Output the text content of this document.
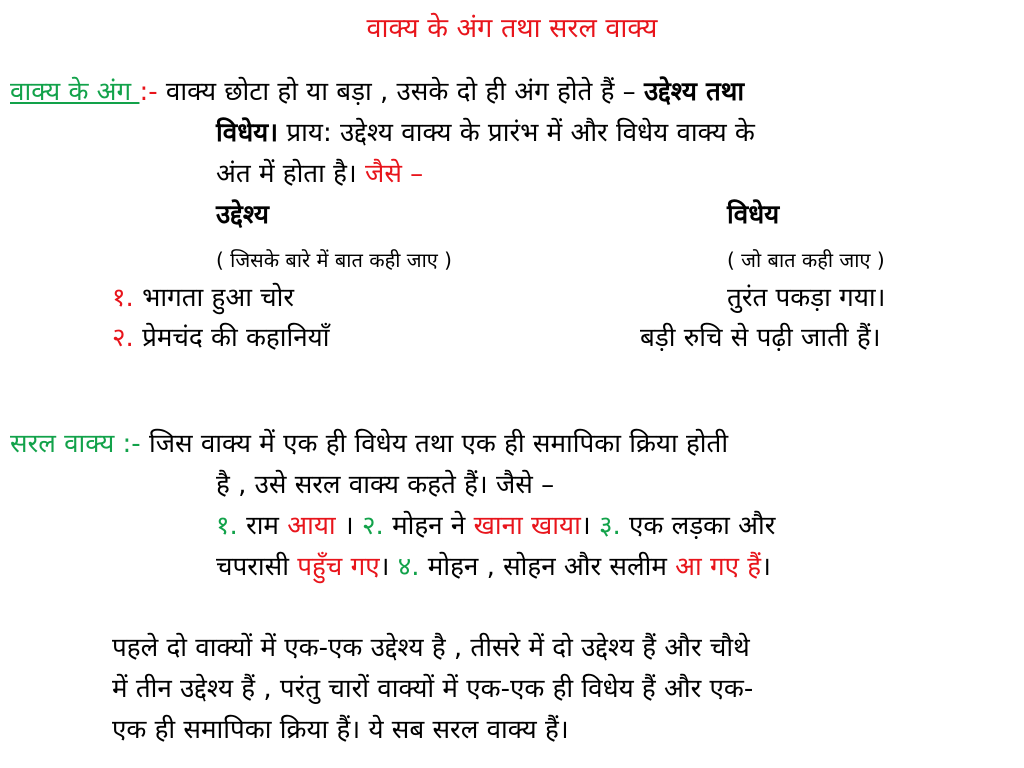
वाक्य के अंग तथा सरल वाक्य
वाक्य के अंग :- वाक्य छोटा हो या बड़ा , उसके दो ही अंग होते हैं – उद्देश्य तथा
विधेय। प्राय: उद्देश्य वाक्य के प्रारंभ में और विधेय वाक्य के
अंत में होता है। जैसे –
उद्देश्य	विधेय
( जिसके बारे में बात कही जाए )	( जो बात कही जाए )
१. भागता हुआ चोर	तुरंत पकड़ा गया।
२. प्रेमचंद की कहानियाँ	बड़ी रुचि से पढ़ी जाती हैं।
सरल वाक्य :- जिस वाक्य में एक ही विधेय तथा एक ही समापिका क्रिया होती
है , उसे सरल वाक्य कहते हैं। जैसे –
१. राम आया । २. मोहन ने खाना खाया। ३. एक लड़का और
चपरासी पहुँच गए। ४. मोहन , सोहन और सलीम आ गए हैं।
पहले दो वाक्यों में एक-एक उद्देश्य है , तीसरे में दो उद्देश्य हैं और चौथे
में तीन उद्देश्य हैं , परंतु चारों वाक्यों में एक-एक ही विधेय हैं और एक-
एक ही समापिका क्रिया हैं। ये सब सरल वाक्य हैं।
